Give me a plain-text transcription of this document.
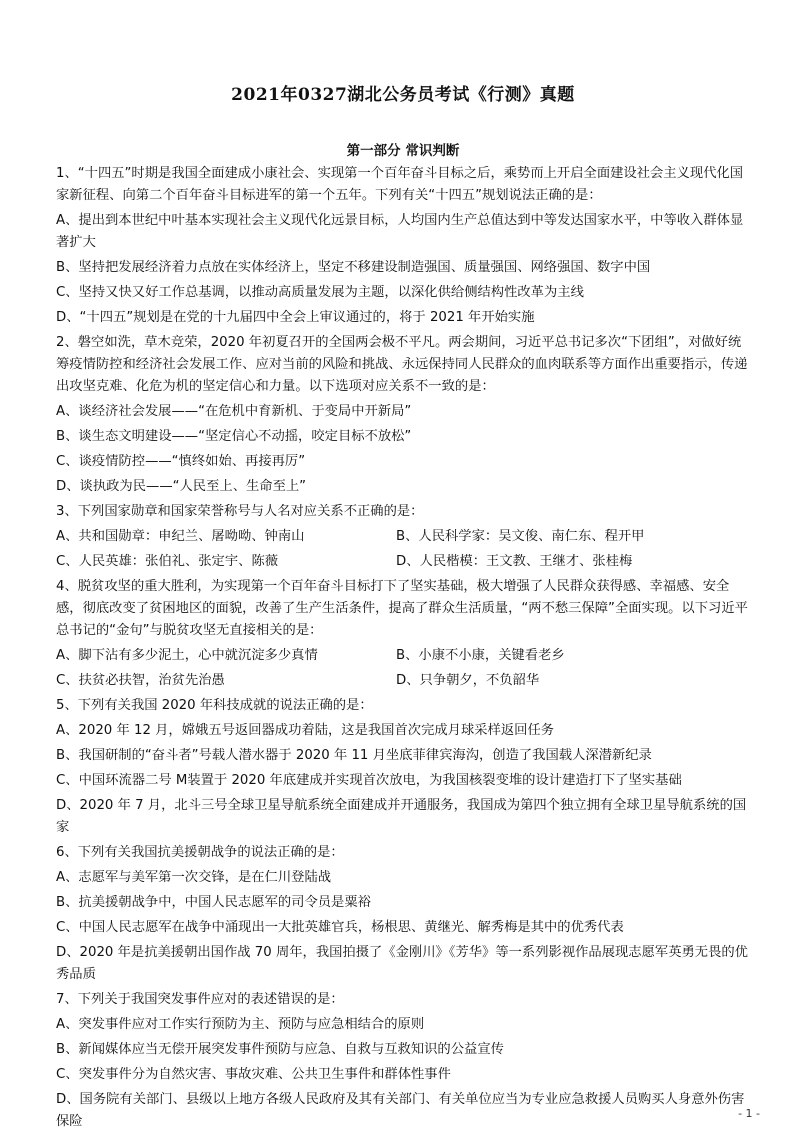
2021年0327湖北公务员考试《行测》真题
第一部分 常识判断
1、“十四五”时期是我国全面建成小康社会、实现第一个百年奋斗目标之后，乘势而上开启全面建设社会主义现代化国家新征程、向第二个百年奋斗目标进军的第一个五年。下列有关“十四五”规划说法正确的是：
A、提出到本世纪中叶基本实现社会主义现代化远景目标，人均国内生产总值达到中等发达国家水平，中等收入群体显著扩大
B、坚持把发展经济着力点放在实体经济上，坚定不移建设制造强国、质量强国、网络强国、数字中国
C、坚持又快又好工作总基调，以推动高质量发展为主题，以深化供给侧结构性改革为主线
D、“十四五”规划是在党的十九届四中全会上审议通过的，将于 2021 年开始实施
2、磐空如洗，草木竞荣，2020 年初夏召开的全国两会极不平凡。两会期间，习近平总书记多次“下团组”，对做好统筹疫情防控和经济社会发展工作、应对当前的风险和挑战、永远保持同人民群众的血肉联系等方面作出重要指示，传递出攻坚克难、化危为机的坚定信心和力量。以下选项对应关系不一致的是：
A、谈经济社会发展——“在危机中育新机、于变局中开新局”
B、谈生态文明建设——“坚定信心不动摇，咬定目标不放松”
C、谈疫情防控——“慎终如始、再接再厉”
D、谈执政为民——“人民至上、生命至上”
3、下列国家勋章和国家荣誉称号与人名对应关系不正确的是：
A、共和国勋章：申纪兰、屠呦呦、钟南山	B、人民科学家：吴文俊、南仁东、程开甲
C、人民英雄：张伯礼、张定宇、陈薇	D、人民楷模：王文教、王继才、张桂梅
4、脱贫攻坚的重大胜利，为实现第一个百年奋斗目标打下了坚实基础，极大增强了人民群众获得感、幸福感、安全感，彻底改变了贫困地区的面貌，改善了生产生活条件，提高了群众生活质量，“两不愁三保障”全面实现。以下习近平总书记的“金句”与脱贫攻坚无直接相关的是：
A、脚下沾有多少泥土，心中就沉淀多少真情	B、小康不小康，关键看老乡
C、扶贫必扶智，治贫先治愚	D、只争朝夕，不负韶华
5、下列有关我国 2020 年科技成就的说法正确的是：
A、2020 年 12 月，嫦娥五号返回器成功着陆，这是我国首次完成月球采样返回任务
B、我国研制的“奋斗者”号载人潜水器于 2020 年 11 月坐底菲律宾海沟，创造了我国载人深潜新纪录
C、中国环流器二号 M装置于 2020 年底建成并实现首次放电，为我国核裂变堆的设计建造打下了坚实基础
D、2020 年 7 月，北斗三号全球卫星导航系统全面建成并开通服务，我国成为第四个独立拥有全球卫星导航系统的国家
6、下列有关我国抗美援朝战争的说法正确的是：
A、志愿军与美军第一次交锋，是在仁川登陆战
B、抗美援朝战争中，中国人民志愿军的司令员是粟裕
C、中国人民志愿军在战争中涌现出一大批英雄官兵，杨根思、黄继光、解秀梅是其中的优秀代表
D、2020 年是抗美援朝出国作战 70 周年，我国拍摄了《金刚川》《芳华》等一系列影视作品展现志愿军英勇无畏的优秀品质
7、下列关于我国突发事件应对的表述错误的是：
A、突发事件应对工作实行预防为主、预防与应急相结合的原则
B、新闻媒体应当无偿开展突发事件预防与应急、自救与互救知识的公益宣传
C、突发事件分为自然灾害、事故灾难、公共卫生事件和群体性事件
D、国务院有关部门、县级以上地方各级人民政府及其有关部门、有关单位应当为专业应急救援人员购买人身意外伤害保险
- 1 -
